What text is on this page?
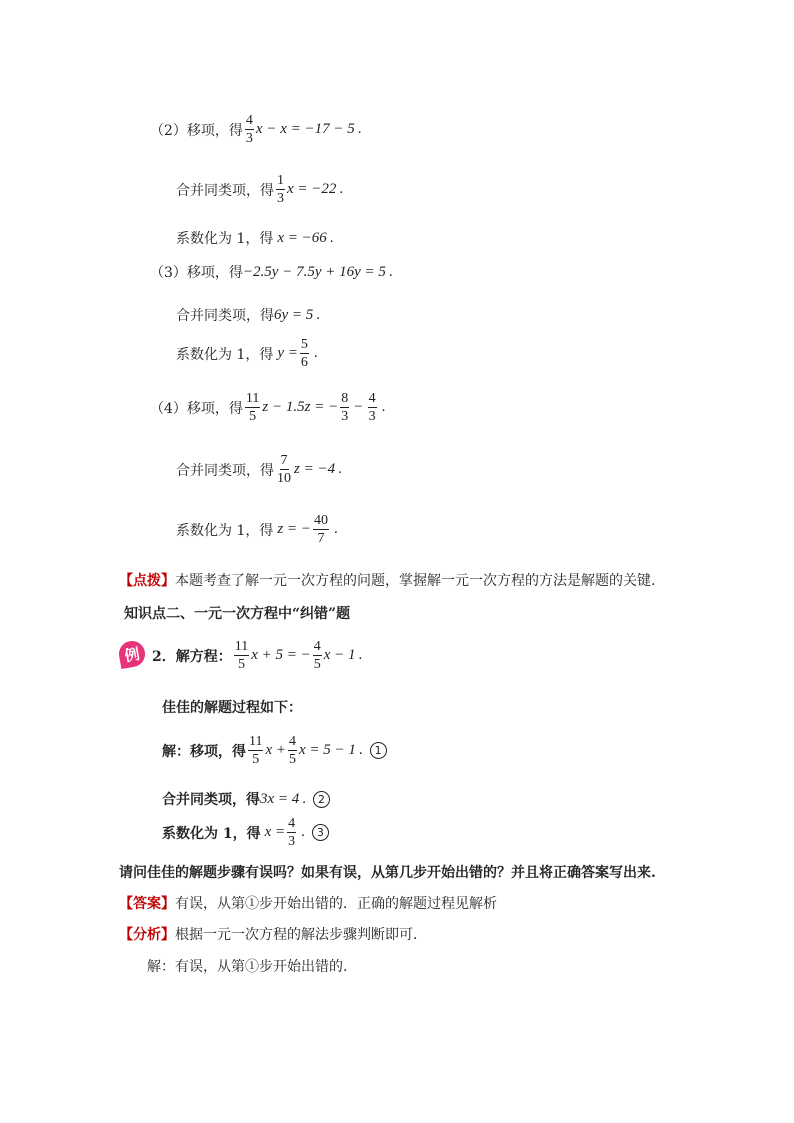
（2）移项，得 $\frac{4}{3}$ x − x = −17 − 5 .
合并同类项，得 $\frac{1}{3}$ x = −22 .
系数化为 1，得 x = −66 .
（3）移项，得 −2.5y − 7.5y + 16y = 5 .
合并同类项，得 6y = 5 .
系数化为 1，得 $y = \frac{5}{6}$ .
（4）移项，得 $\frac{11}{5}$ z − 1.5z = − $\frac{8}{3} - \frac{4}{3}$ .
合并同类项，得 $\frac{7}{10}$ z = −4 .
系数化为 1，得 z = − $\frac{40}{7}$ .
【点拨】 本题考查了解一元一次方程的问题，掌握解一元一次方程的方法是解题的关键.
知识点二、一元一次方程中“纠错”题
例 2．解方程： $\frac{11}{5}$ x + 5 = − $\frac{4}{5}$ x − 1 .
佳佳的解题过程如下：
解：移项，得 $\frac{11}{5}$ $x + \frac{4}{5}$ x = 5 − 1 .	1
合并同类项，得 3x = 4 .	2
系数化为 1，得 $x = \frac{4}{3}$ .	3
请问佳佳的解题步骤有误吗？如果有误，从第几步开始出错的？并且将正确答案写出来.
【答案】 有误，从第①步开始出错的．正确的解题过程见解析
【分析】 根据一元一次方程的解法步骤判断即可.
解：有误，从第①步开始出错的.
